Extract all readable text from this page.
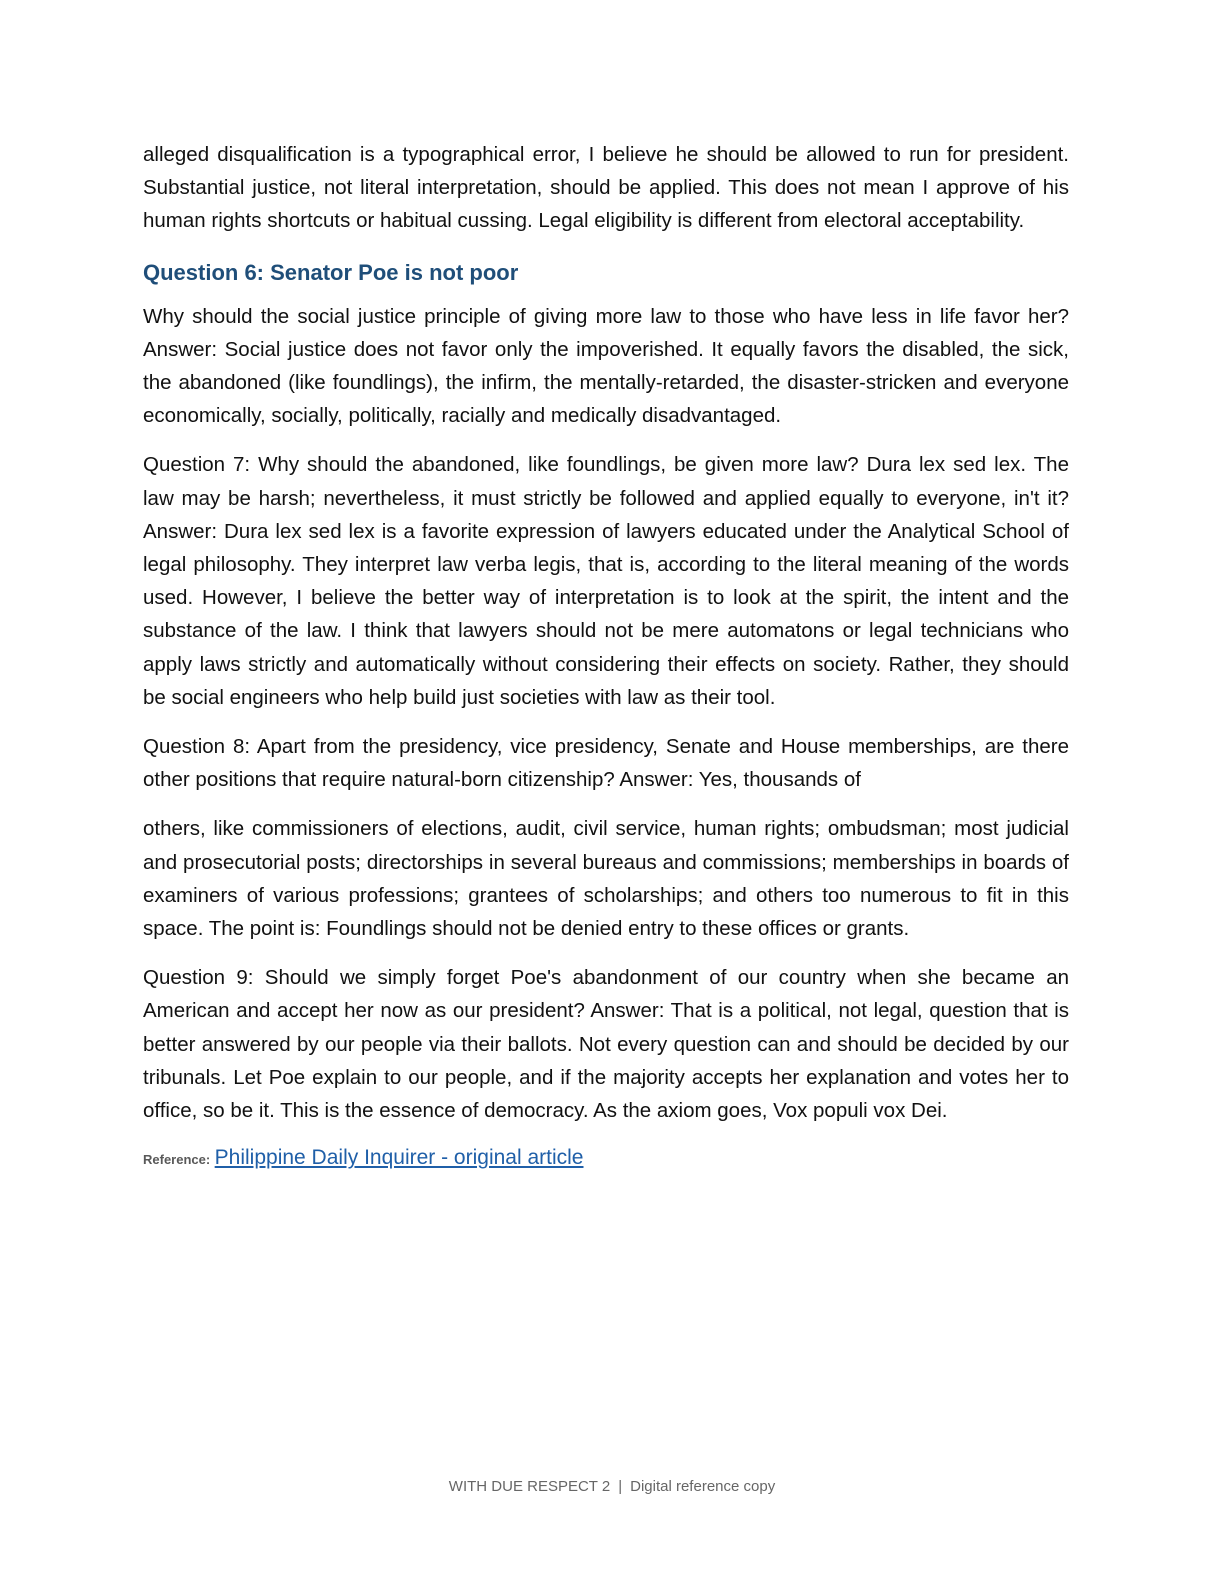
alleged disqualification is a typographical error, I believe he should be allowed to run for president. Substantial justice, not literal interpretation, should be applied. This does not mean I approve of his human rights shortcuts or habitual cussing. Legal eligibility is different from electoral acceptability.

Question 6: Senator Poe is not poor

Why should the social justice principle of giving more law to those who have less in life favor her? Answer: Social justice does not favor only the impoverished. It equally favors the disabled, the sick, the abandoned (like foundlings), the infirm, the mentally-retarded, the disaster-stricken and everyone economically, socially, politically, racially and medically disadvantaged.

Question 7: Why should the abandoned, like foundlings, be given more law? Dura lex sed lex. The law may be harsh; nevertheless, it must strictly be followed and applied equally to everyone, in't it? Answer: Dura lex sed lex is a favorite expression of lawyers educated under the Analytical School of legal philosophy. They interpret law verba legis, that is, according to the literal meaning of the words used. However, I believe the better way of interpretation is to look at the spirit, the intent and the substance of the law. I think that lawyers should not be mere automatons or legal technicians who apply laws strictly and automatically without considering their effects on society. Rather, they should be social engineers who help build just societies with law as their tool.

Question 8: Apart from the presidency, vice presidency, Senate and House memberships, are there other positions that require natural-born citizenship? Answer: Yes, thousands of

others, like commissioners of elections, audit, civil service, human rights; ombudsman; most judicial and prosecutorial posts; directorships in several bureaus and commissions; memberships in boards of examiners of various professions; grantees of scholarships; and others too numerous to fit in this space. The point is: Foundlings should not be denied entry to these offices or grants.

Question 9: Should we simply forget Poe's abandonment of our country when she became an American and accept her now as our president? Answer: That is a political, not legal, question that is better answered by our people via their ballots. Not every question can and should be decided by our tribunals. Let Poe explain to our people, and if the majority accepts her explanation and votes her to office, so be it. This is the essence of democracy. As the axiom goes, Vox populi vox Dei.

Reference: Philippine Daily Inquirer - original article
WITH DUE RESPECT 2 | Digital reference copy
